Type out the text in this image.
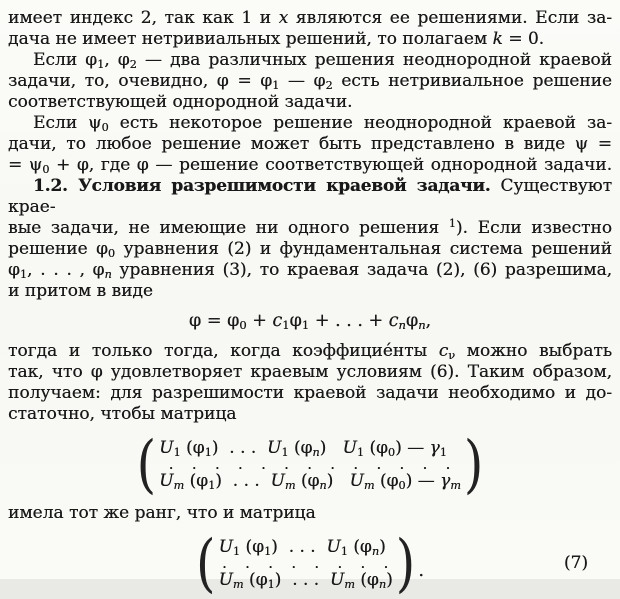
имеет индекс 2, так как 1 и x являются ее решениями. Если за-
дача не имеет нетривиальных решений, то полагаем k = 0.
Если $\varphi_1$, $\varphi_2$ — два различных решения неоднородной краевой
задачи, то, очевидно, $\varphi = \varphi_1$ — $\varphi_2$ есть нетривиальное решение
соответствующей однородной задачи.
Если $\psi_0$ есть некоторое решение неоднородной краевой за-
дачи, то любое решение может быть представлено в виде ψ =
= $\psi_0 + \varphi$, где φ — решение соответствующей однородной задачи.
1.2. Условия разрешимости краевой задачи. Существуют крае-
вые задачи, не имеющие ни одного решения $^1$). Если известно
решение $\varphi_0$ уравнения (2) и фундаментальная система решений
$\varphi_1$, . . . , $\varphi_n$ уравнения (3), то краевая задача (2), (6) разрешима,
и притом в виде
$\varphi = \varphi_0 + c_1\varphi_1$ + . . . + $c_n\varphi_n$,
тогда и только тогда, когда коэффицие́нты $c_\nu$ можно выбрать
так, что φ удовлетворяет краевым условиям (6). Таким образом,
получаем: для разрешимости краевой задачи необходимо и до-
статочно, чтобы матрица
( $U_1$ $(\varphi_1)$  . . .  $U_1$ $(\varphi_n)$   $U_1$ $(\varphi_0)$ — $\gamma_1$
.   .   .   .   .   .   .   .   .   .   .   .   .
$U_m$ $(\varphi_1)$  . . .  $U_m$ $(\varphi_n)$   $U_m$ $(\varphi_0)$ — $\gamma_m$ )
имела тот же ранг, что и матрица
( $U_1$ $(\varphi_1)$  . . .  $U_1$ $(\varphi_n)$
.   .   .   .   .   .   .   .
$U_m$ $(\varphi_1)$  . . .  $U_m$ $(\varphi_n)$ ) .	(7)
